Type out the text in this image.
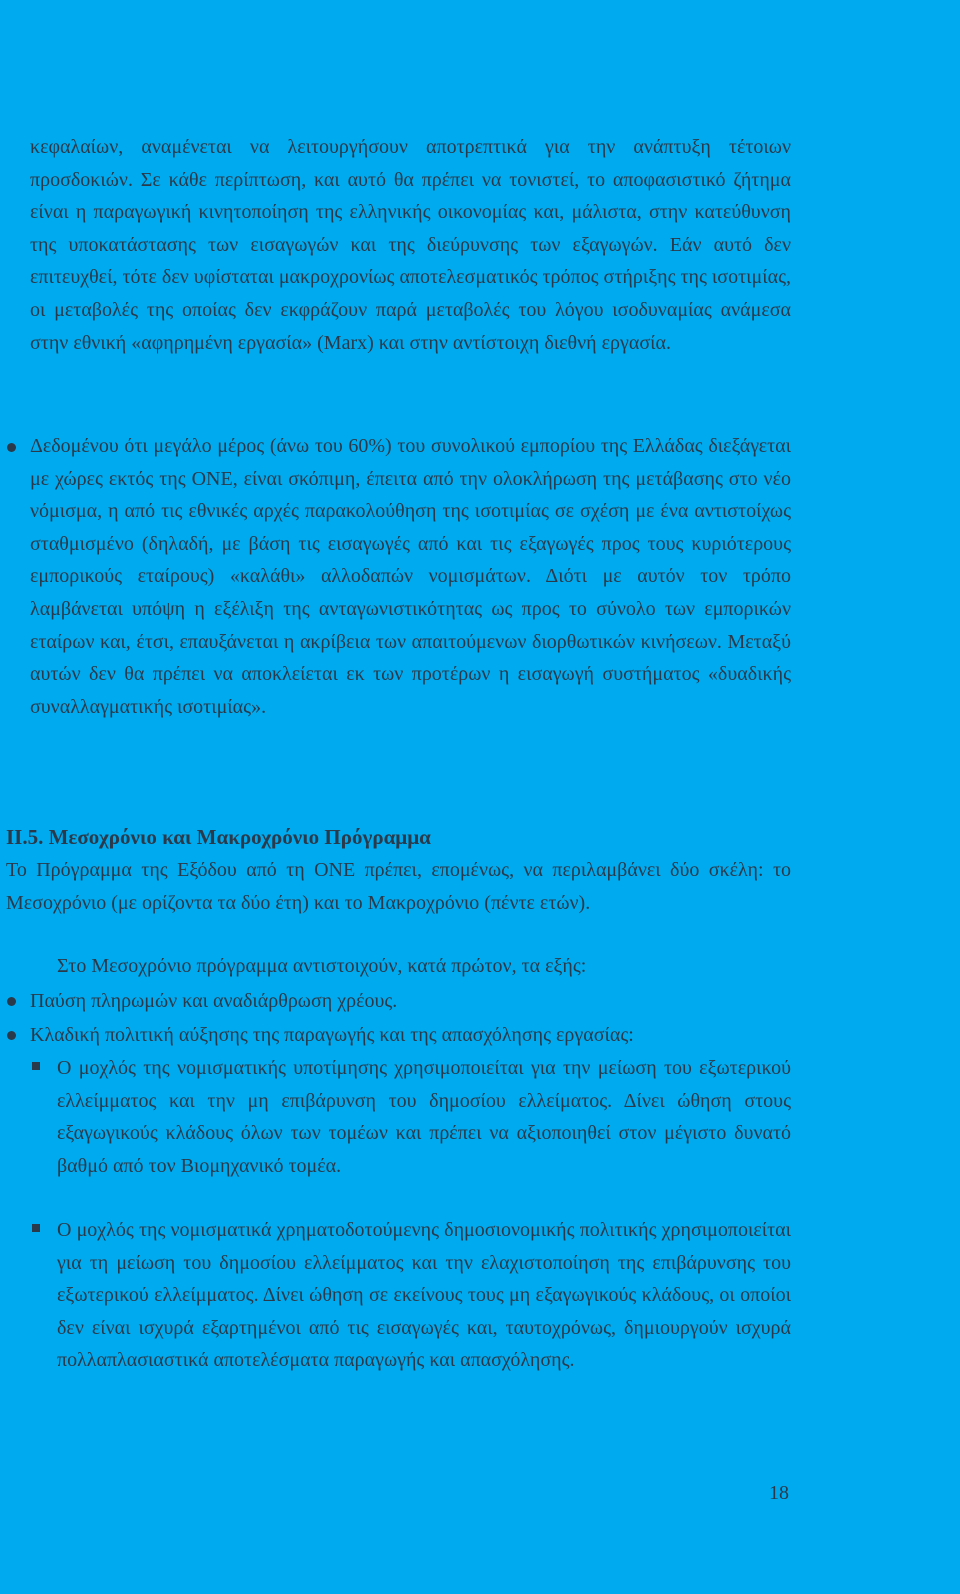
κεφαλαίων, αναμένεται να λειτουργήσουν αποτρεπτικά για την ανάπτυξη τέτοιων προσδοκιών. Σε κάθε περίπτωση, και αυτό θα πρέπει να τονιστεί, το αποφασιστικό ζήτημα είναι η παραγωγική κινητοποίηση της ελληνικής οικονομίας και, μάλιστα, στην κατεύθυνση της υποκατάστασης των εισαγωγών και της διεύρυνσης των εξαγωγών. Εάν αυτό δεν επιτευχθεί, τότε δεν υφίσταται μακροχρονίως αποτελεσματικός τρόπος στήριξης της ισοτιμίας, οι μεταβολές της οποίας δεν εκφράζουν παρά μεταβολές του λόγου ισοδυναμίας ανάμεσα στην εθνική «αφηρημένη εργασία» (Marx) και στην αντίστοιχη διεθνή εργασία.

Δεδομένου ότι μεγάλο μέρος (άνω του 60%) του συνολικού εμπορίου της Ελλάδας διεξάγεται με χώρες εκτός της ΟΝΕ, είναι σκόπιμη, έπειτα από την ολοκλήρωση της μετάβασης στο νέο νόμισμα, η από τις εθνικές αρχές παρακολούθηση της ισοτιμίας σε σχέση με ένα αντιστοίχως σταθμισμένο (δηλαδή, με βάση τις εισαγωγές από και τις εξαγωγές προς τους κυριότερους εμπορικούς εταίρους) «καλάθι» αλλοδαπών νομισμάτων. Διότι με αυτόν τον τρόπο λαμβάνεται υπόψη η εξέλιξη της ανταγωνιστικότητας ως προς το σύνολο των εμπορικών εταίρων και, έτσι, επαυξάνεται η ακρίβεια των απαιτούμενων διορθωτικών κινήσεων. Μεταξύ αυτών δεν θα πρέπει να αποκλείεται εκ των προτέρων η εισαγωγή συστήματος «δυαδικής συναλλαγματικής ισοτιμίας».

II.5. Μεσοχρόνιο και Μακροχρόνιο Πρόγραμμα

Το Πρόγραμμα της Εξόδου από τη ΟΝΕ πρέπει, επομένως, να περιλαμβάνει δύο σκέλη: το Μεσοχρόνιο (με ορίζοντα τα δύο έτη) και το Μακροχρόνιο (πέντε ετών).

Στο Μεσοχρόνιο πρόγραμμα αντιστοιχούν, κατά πρώτον, τα εξής:

Παύση πληρωμών και αναδιάρθρωση χρέους.

Κλαδική πολιτική αύξησης της παραγωγής και της απασχόλησης εργασίας:

Ο μοχλός της νομισματικής υποτίμησης χρησιμοποιείται για την μείωση του εξωτερικού ελλείμματος και την μη επιβάρυνση του δημοσίου ελλείματος. Δίνει ώθηση στους εξαγωγικούς κλάδους όλων των τομέων και πρέπει να αξιοποιηθεί στον μέγιστο δυνατό βαθμό από τον Βιομηχανικό τομέα.

Ο μοχλός της νομισματικά χρηματοδοτούμενης δημοσιονομικής πολιτικής χρησιμοποιείται για τη μείωση του δημοσίου ελλείμματος και την ελαχιστοποίηση της επιβάρυνσης του εξωτερικού ελλείμματος. Δίνει ώθηση σε εκείνους τους μη εξαγωγικούς κλάδους, οι οποίοι δεν είναι ισχυρά εξαρτημένοι από τις εισαγωγές και, ταυτοχρόνως, δημιουργούν ισχυρά πολλαπλασιαστικά αποτελέσματα παραγωγής και απασχόλησης.

18
